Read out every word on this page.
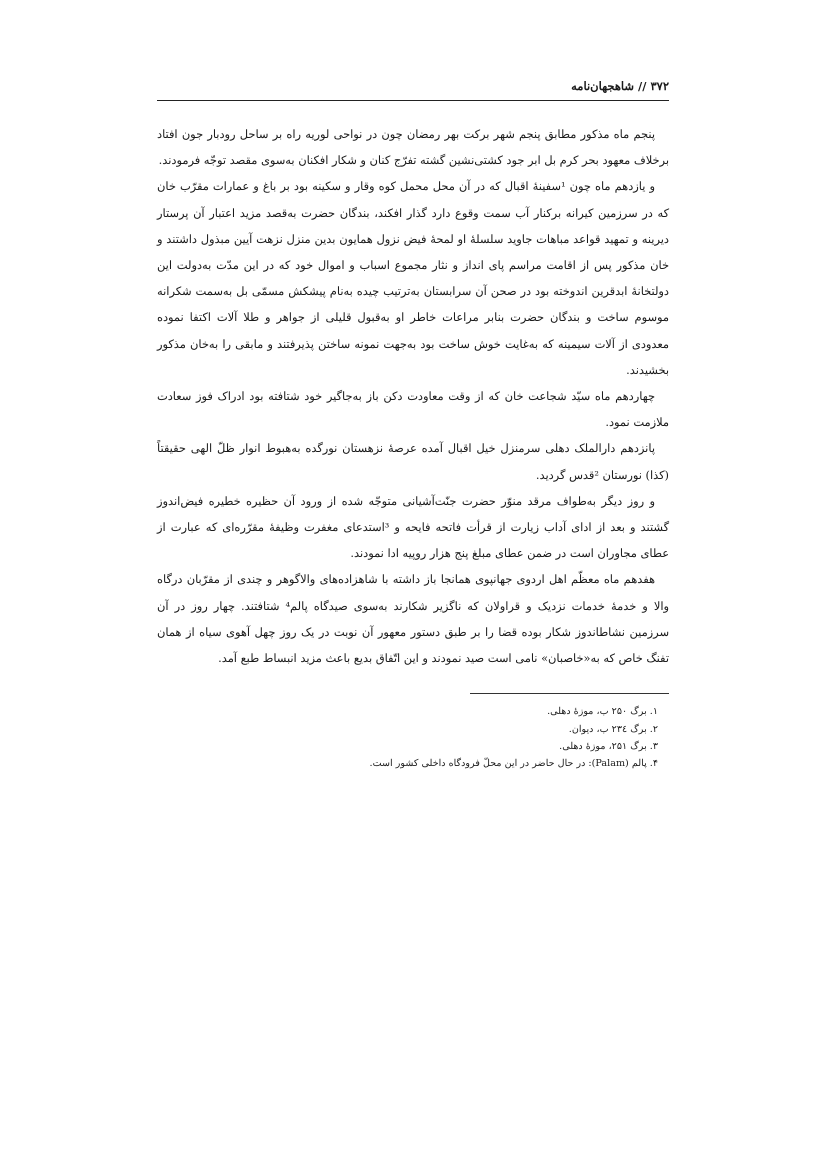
۳۷۲ // شاهجهان‌نامه

پنجم ماه مذکور مطابق پنجم شهر برکت بهر رمضان چون در نواحی لوریه راه بر ساحل رودبار جون افتاد برخلاف معهود بحر کرم بل ابر جود کشتی‌نشین گشته تفرّج کنان و شکار افکنان به‌سوی مقصد توجّه فرمودند.

و یازدهم ماه چون ¹سفینهٔ اقبال که در آن محل محمل کوه وقار و سکینه بود بر باغ و عمارات مقرّب خان که در سرزمین کیرانه برکنار آب سمت وقوع دارد گذار افکند، بندگان حضرت به‌قصد مزید اعتبار آن پرستار دیرینه و تمهید قواعد مباهات جاوید سلسلهٔ او لمحهٔ فیض نزول همایون بدین منزل نزهت آیین مبذول داشتند و خان مذکور پس از اقامت مراسم پای انداز و نثار مجموع اسباب و اموال خود که در این مدّت به‌دولت این دولتخانهٔ ابدقرین اندوخته بود در صحن آن سرابستان به‌ترتیب چیده به‌نام پیشکش مسمّی بل به‌سمت شکرانه موسوم ساخت و بندگان حضرت بنابر مراعات خاطر او به‌قبول قلیلی از جواهر و طلا آلات اکتفا نموده معدودی از آلات سیمینه که به‌غایت خوش ساخت بود به‌جهت نمونه ساختن پذیرفتند و مابقی را به‌خان مذکور بخشیدند.

چهاردهم ماه سیّد شجاعت خان که از وقت معاودت دکن باز به‌جاگیر خود شتافته بود ادراک فوز سعادت ملازمت نمود.

پانزدهم دارالملک دهلی سرمنزل خیل اقبال آمده عرصهٔ نزهستان نورگده به‌هبوط انوار ظلّ الهی حقیقتاً (کذا) نورستان ²قدس گردید.

و روز دیگر به‌طواف مرقد منوّر حضرت جنّت‌آشیانی متوجّه شده از ورود آن حظیره خطیره فیض‌اندوز گشتند و بعد از ادای آداب زیارت از قرأت فاتحه فایحه و ³استدعای مغفرت وظیفهٔ مقرّره‌ای که عبارت از عطای مجاوران است در ضمن عطای مبلغ پنج هزار روپیه ادا نمودند.

هفدهم ماه معظّم اهل اردوی جهانپوی همانجا باز داشته با شاهزاده‌های والاگوهر و چندی از مقرّبان درگاه والا و خدمهٔ خدمات نزدیک و قراولان که ناگزیر شکارند به‌سوی صیدگاه پالم⁴ شتافتند. چهار روز در آن سرزمین نشاطاندوز شکار بوده قضا را بر طبق دستور معهور آن نوبت در یک روز چهل آهوی سیاه از همان تفنگ خاص که به«خاصبان» نامی است صید نمودند و این اتّفاق بدیع باعث مزید انبساط طبع آمد.

۱. برگ ۲۵۰ ب، موزهٔ دهلی.
۲. برگ ۲۳٤ ب، دیوان.
۳. برگ ۲۵۱، موزهٔ دهلی.
۴. پالم (Palam): در حال حاضر در این محلّ فرودگاه داخلی کشور است.
